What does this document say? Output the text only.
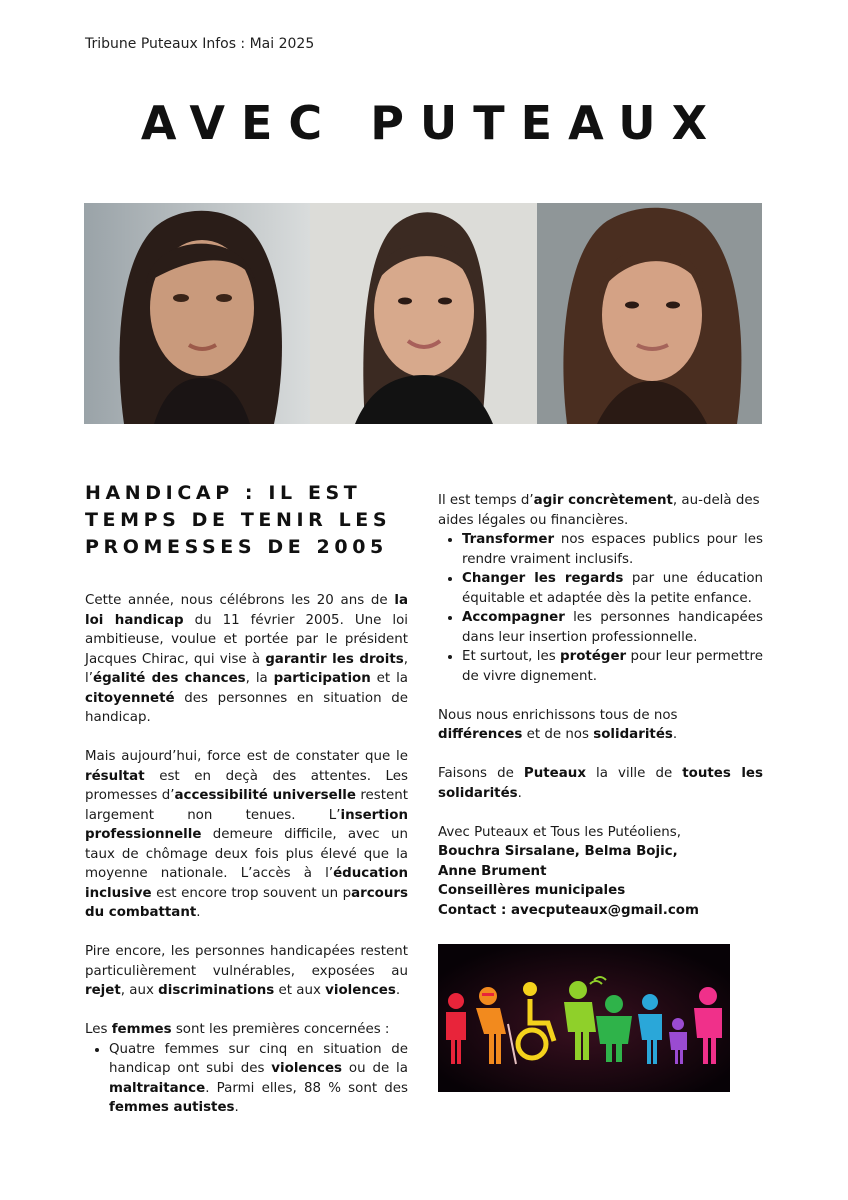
Tribune Puteaux Infos : Mai 2025
AVEC PUTEAUX
HANDICAP : IL EST
TEMPS DE TENIR LES
PROMESSES DE 2005

Cette année, nous célébrons les 20 ans de la loi handicap du 11 février 2005. Une loi ambitieuse, voulue et portée par le président Jacques Chirac, qui vise à garantir les droits, l’égalité des chances, la participation et la citoyenneté des personnes en situation de handicap.

Mais aujourd’hui, force est de constater que le résultat est en deçà des attentes. Les promesses d’accessibilité universelle restent largement non tenues. L’insertion professionnelle demeure difficile, avec un taux de chômage deux fois plus élevé que la moyenne nationale. L’accès à l’éducation inclusive est encore trop souvent un parcours du combattant.

Pire encore, les personnes handicapées restent particulièrement vulnérables, exposées au rejet, aux discriminations et aux violences.

Les femmes sont les premières concernées :

• Quatre femmes sur cinq en situation de handicap ont subi des violences ou de la maltraitance. Parmi elles, 88 % sont des femmes autistes.

Il est temps d’agir concrètement, au-delà des aides légales ou financières.

• Transformer nos espaces publics pour les rendre vraiment inclusifs.
• Changer les regards par une éducation équitable et adaptée dès la petite enfance.
• Accompagner les personnes handicapées dans leur insertion professionnelle.
• Et surtout, les protéger pour leur permettre de vivre dignement.

Nous nous enrichissons tous de nos différences et de nos solidarités.

Faisons de Puteaux la ville de toutes les solidarités.

Avec Puteaux et Tous les Putéoliens,
Bouchra Sirsalane, Belma Bojic,
Anne Brument
Conseillères municipales
Contact : avecputeaux@gmail.com
